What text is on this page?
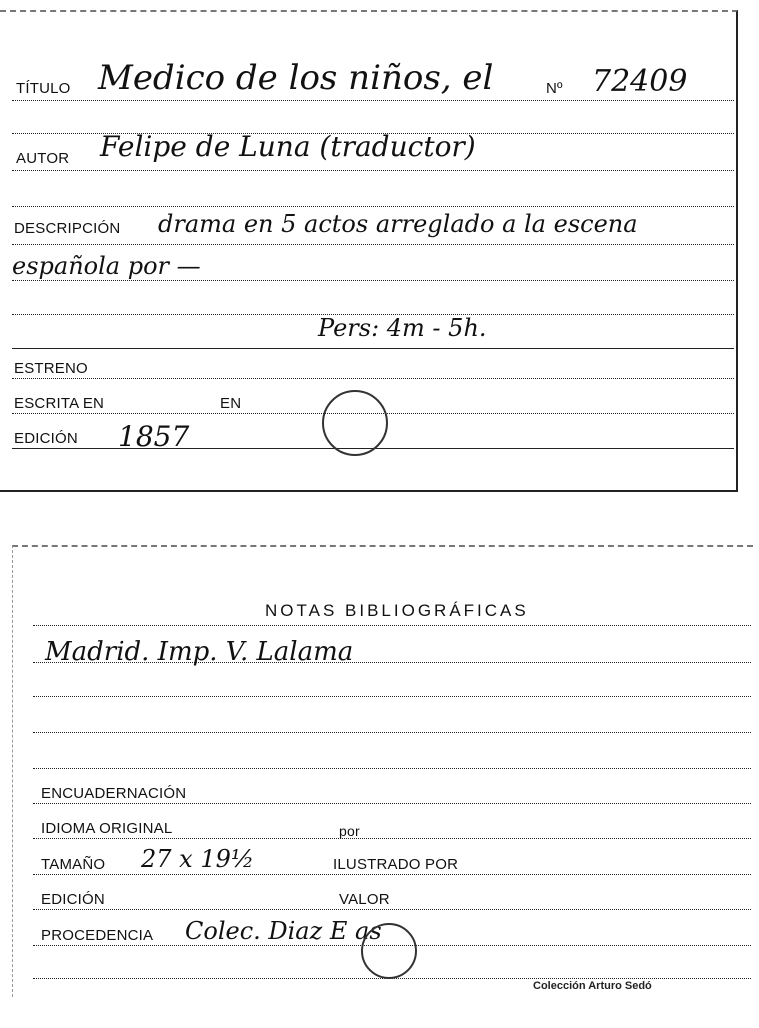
TÍTULO Medico de los niños, el	Nº 72409
AUTOR Felipe de Luna (traductor)
DESCRIPCIÓN drama en 5 actos arreglado a la escena
española por —
Pers: 4m - 5h.
ESTRENO
ESCRITA EN	EN
EDICIÓN 1857
NOTAS BIBLIOGRÁFICAS
Madrid. Imp. V. Lalama
ENCUADERNACIÓN
IDIOMA ORIGINAL	por
TAMAÑO 27 x 19½	ILUSTRADO POR
EDICIÓN	VALOR
PROCEDENCIA Colec. Diaz E as
Colección Arturo Sedó
